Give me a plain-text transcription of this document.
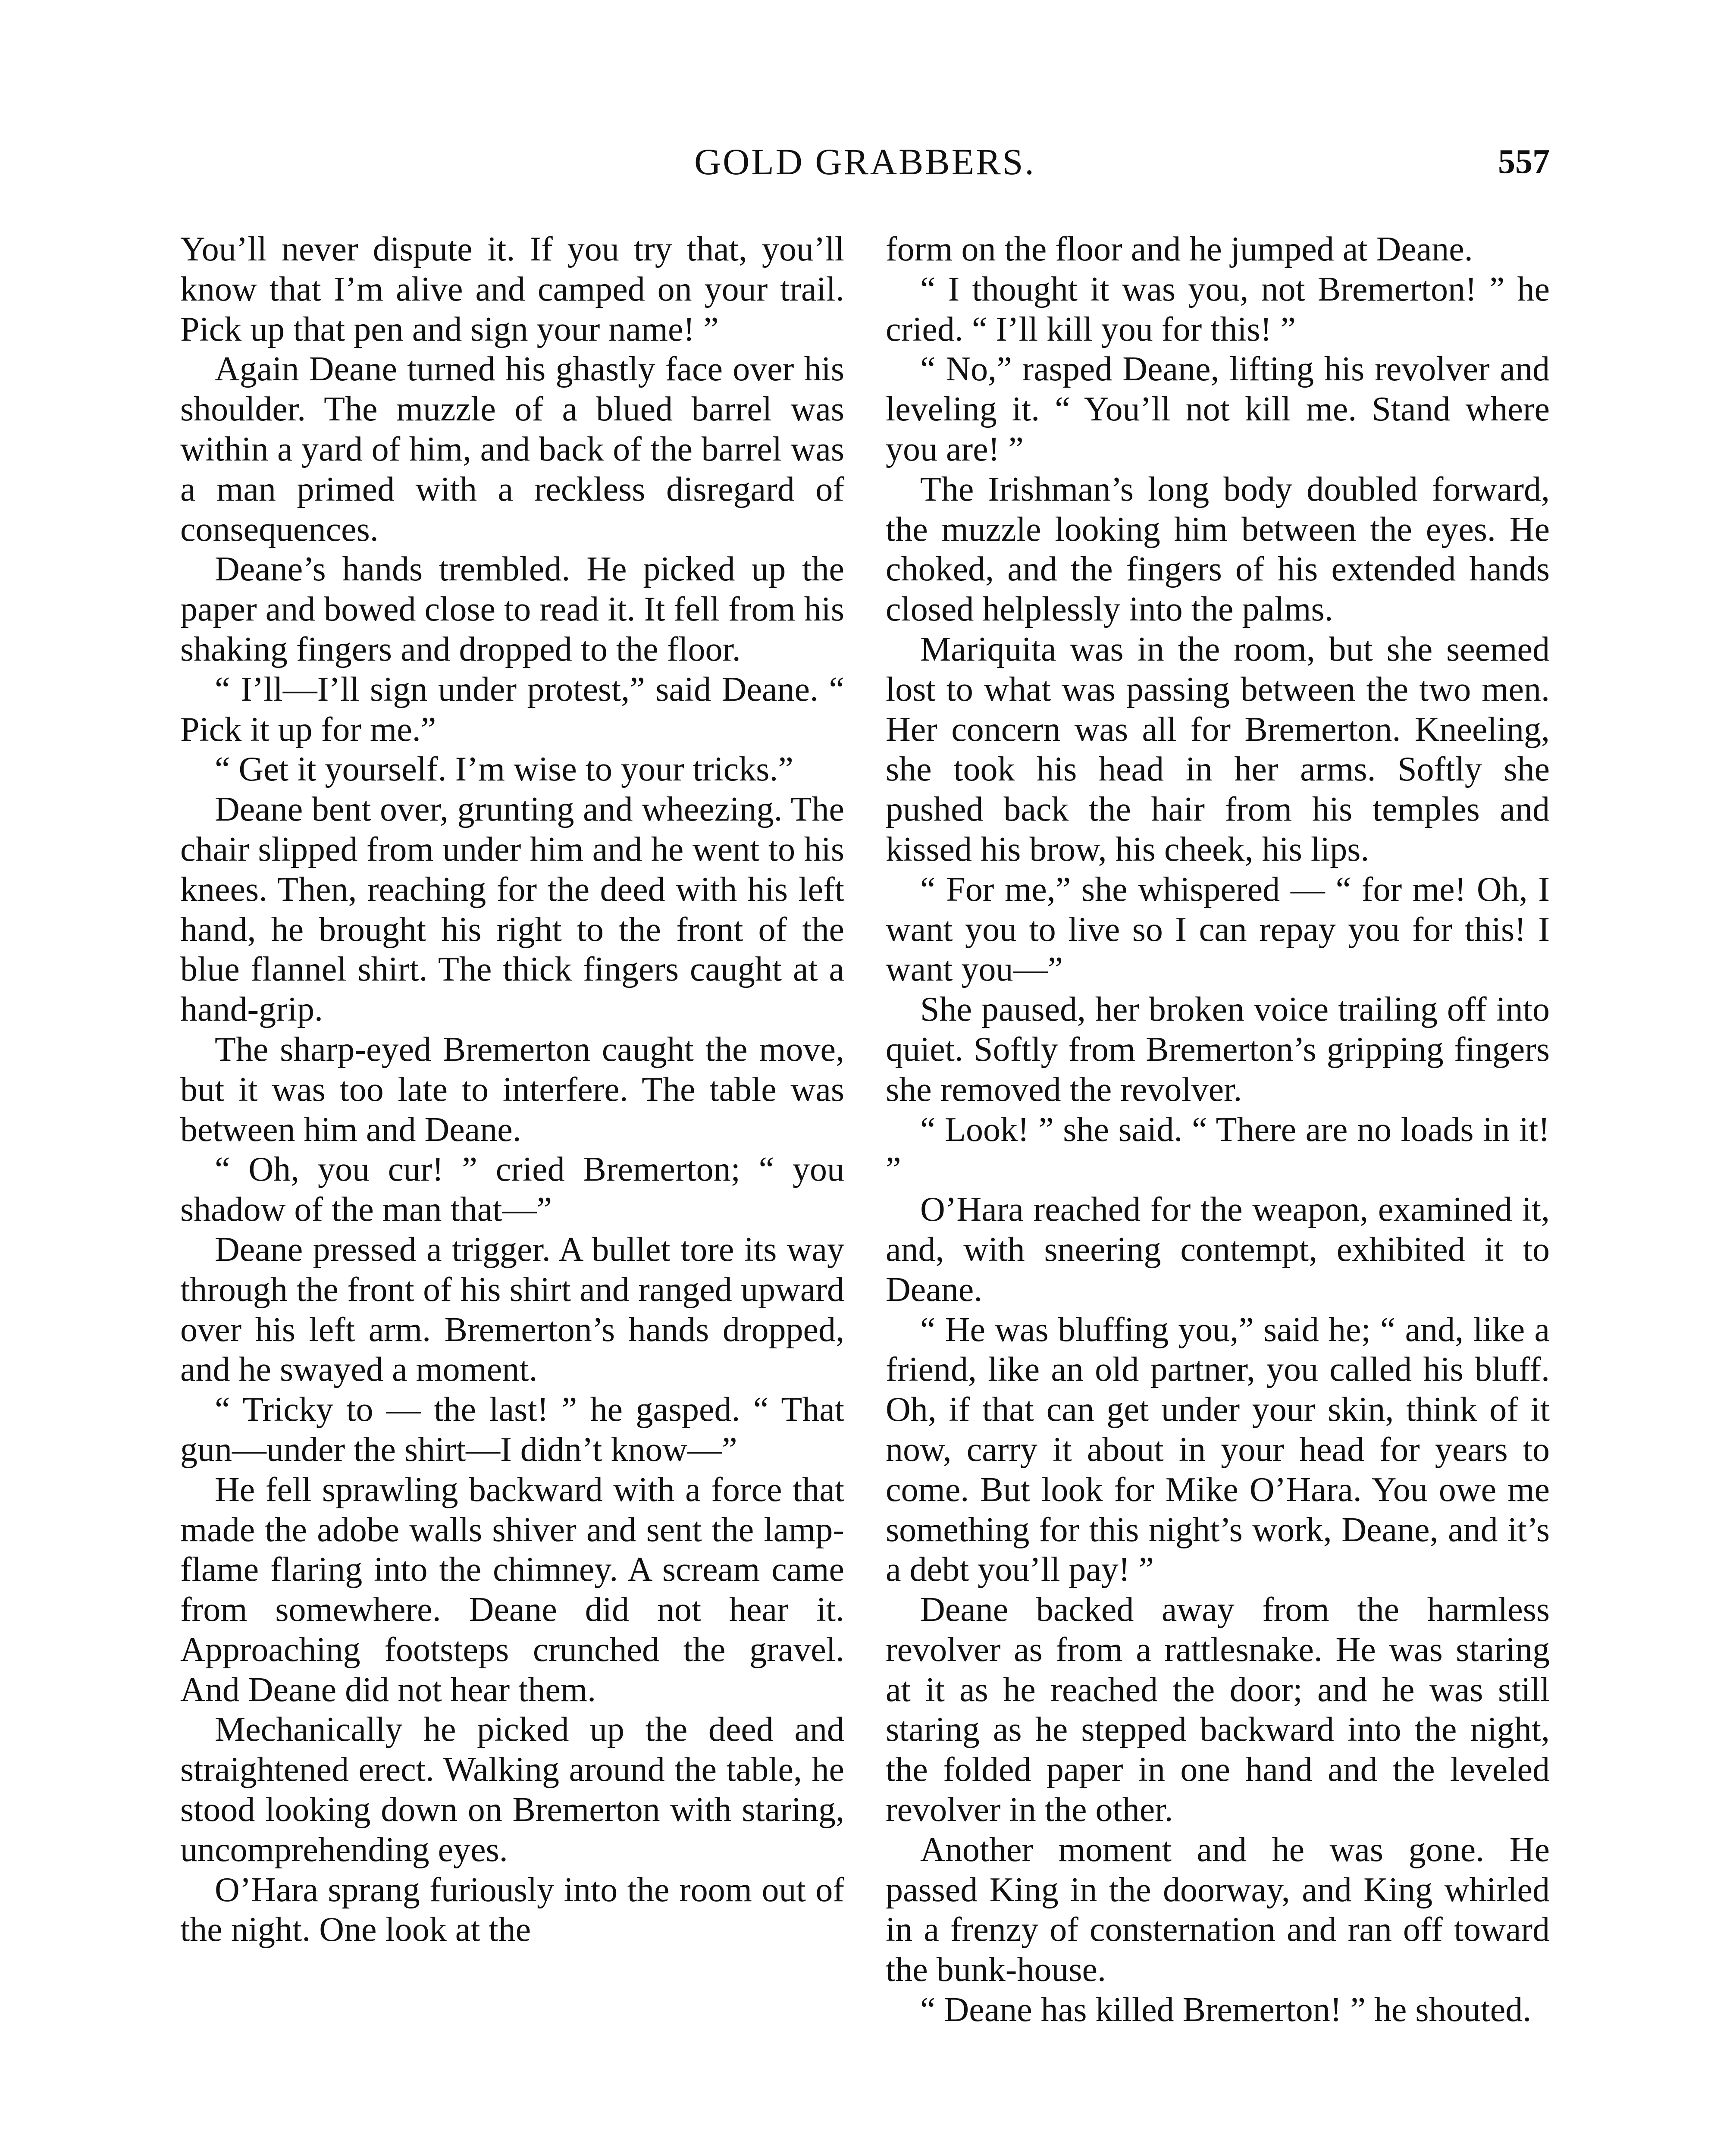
GOLD GRABBERS.	557

You’ll never dispute it. If you try that, you’ll know that I’m alive and camped on your trail. Pick up that pen and sign your name! ”

Again Deane turned his ghastly face over his shoulder. The muzzle of a blued barrel was within a yard of him, and back of the barrel was a man primed with a reckless disregard of consequences.

Deane’s hands trembled. He picked up the paper and bowed close to read it. It fell from his shaking fingers and dropped to the floor.

“ I’ll—I’ll sign under protest,” said Deane. “ Pick it up for me.”

“ Get it yourself. I’m wise to your tricks.”

Deane bent over, grunting and wheezing. The chair slipped from under him and he went to his knees. Then, reaching for the deed with his left hand, he brought his right to the front of the blue flannel shirt. The thick fingers caught at a hand-grip.

The sharp-eyed Bremerton caught the move, but it was too late to interfere. The table was between him and Deane.

“ Oh, you cur! ” cried Bremerton; “ you shadow of the man that—”

Deane pressed a trigger. A bullet tore its way through the front of his shirt and ranged upward over his left arm. Bremerton’s hands dropped, and he swayed a moment.

“ Tricky to — the last! ” he gasped. “ That gun—under the shirt—I didn’t know—”

He fell sprawling backward with a force that made the adobe walls shiver and sent the lamp-flame flaring into the chimney. A scream came from somewhere. Deane did not hear it. Approaching footsteps crunched the gravel. And Deane did not hear them.

Mechanically he picked up the deed and straightened erect. Walking around the table, he stood looking down on Bremerton with staring, uncomprehending eyes.

O’Hara sprang furiously into the room out of the night. One look at the

form on the floor and he jumped at Deane.

“ I thought it was you, not Bremerton! ” he cried. “ I’ll kill you for this! ”

“ No,” rasped Deane, lifting his revolver and leveling it. “ You’ll not kill me. Stand where you are! ”

The Irishman’s long body doubled forward, the muzzle looking him between the eyes. He choked, and the fingers of his extended hands closed helplessly into the palms.

Mariquita was in the room, but she seemed lost to what was passing between the two men. Her concern was all for Bremerton. Kneeling, she took his head in her arms. Softly she pushed back the hair from his temples and kissed his brow, his cheek, his lips.

“ For me,” she whispered — “ for me! Oh, I want you to live so I can repay you for this! I want you—”

She paused, her broken voice trailing off into quiet. Softly from Bremerton’s gripping fingers she removed the revolver.

“ Look! ” she said. “ There are no loads in it! ”

O’Hara reached for the weapon, examined it, and, with sneering contempt, exhibited it to Deane.

“ He was bluffing you,” said he; “ and, like a friend, like an old partner, you called his bluff. Oh, if that can get under your skin, think of it now, carry it about in your head for years to come. But look for Mike O’Hara. You owe me something for this night’s work, Deane, and it’s a debt you’ll pay! ”

Deane backed away from the harmless revolver as from a rattlesnake. He was staring at it as he reached the door; and he was still staring as he stepped backward into the night, the folded paper in one hand and the leveled revolver in the other.

Another moment and he was gone. He passed King in the doorway, and King whirled in a frenzy of consternation and ran off toward the bunk-house.

“ Deane has killed Bremerton! ” he shouted.
